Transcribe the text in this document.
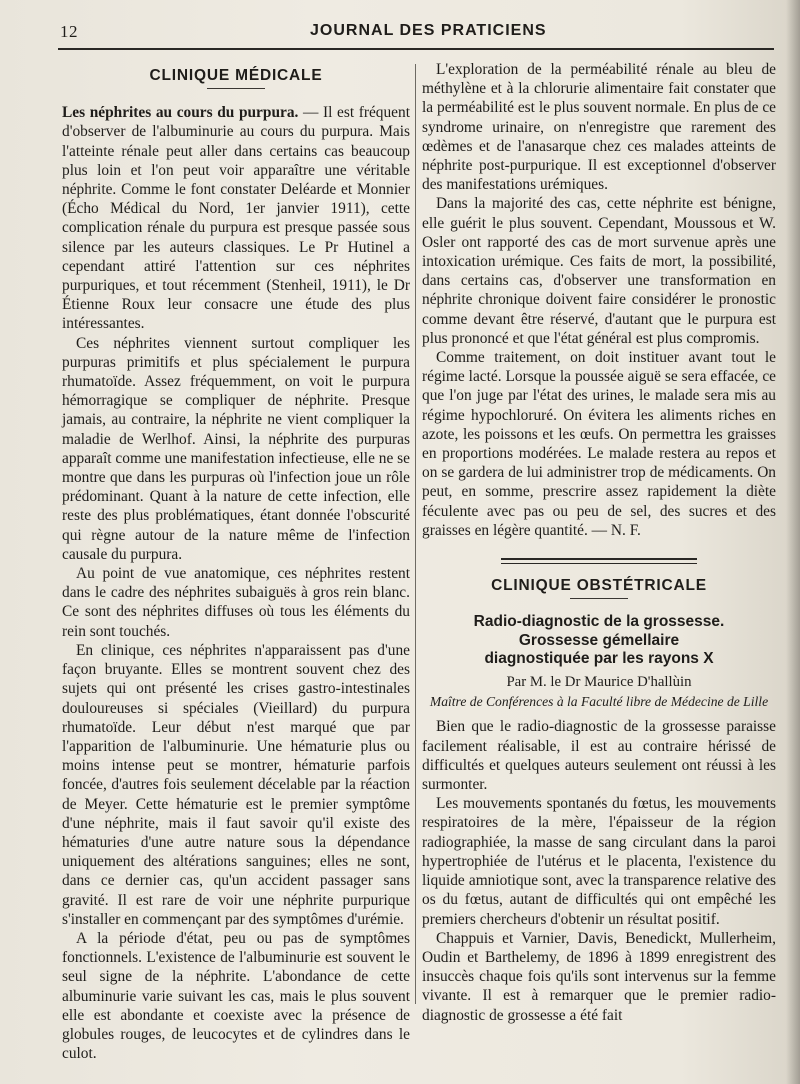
12	JOURNAL DES PRATICIENS
CLINIQUE MÉDICALE

Les néphrites au cours du purpura. — Il est fréquent d'observer de l'albuminurie au cours du purpura. Mais l'atteinte rénale peut aller dans certains cas beaucoup plus loin et l'on peut voir apparaître une véritable néphrite. Comme le font constater Deléarde et Monnier (Écho Médical du Nord, 1er janvier 1911), cette complication rénale du purpura est presque passée sous silence par les auteurs classiques. Le Pr Hutinel a cependant attiré l'attention sur ces néphrites purpuriques, et tout récemment (Stenheil, 1911), le Dr Étienne Roux leur consacre une étude des plus intéressantes.

Ces néphrites viennent surtout compliquer les purpuras primitifs et plus spécialement le purpura rhumatoïde. Assez fréquemment, on voit le purpura hémorragique se compliquer de néphrite. Presque jamais, au contraire, la néphrite ne vient compliquer la maladie de Werlhof. Ainsi, la néphrite des purpuras apparaît comme une manifestation infectieuse, elle ne se montre que dans les purpuras où l'infection joue un rôle prédominant. Quant à la nature de cette infection, elle reste des plus problématiques, étant donnée l'obscurité qui règne autour de la nature même de l'infection causale du purpura.

Au point de vue anatomique, ces néphrites restent dans le cadre des néphrites subaiguës à gros rein blanc. Ce sont des néphrites diffuses où tous les éléments du rein sont touchés.

En clinique, ces néphrites n'apparaissent pas d'une façon bruyante. Elles se montrent souvent chez des sujets qui ont présenté les crises gastro-intestinales douloureuses si spéciales (Vieillard) du purpura rhumatoïde. Leur début n'est marqué que par l'apparition de l'albuminurie. Une hématurie plus ou moins intense peut se montrer, hématurie parfois foncée, d'autres fois seulement décelable par la réaction de Meyer. Cette hématurie est le premier symptôme d'une néphrite, mais il faut savoir qu'il existe des hématuries d'une autre nature sous la dépendance uniquement des altérations sanguines; elles ne sont, dans ce dernier cas, qu'un accident passager sans gravité. Il est rare de voir une néphrite purpurique s'installer en commençant par des symptômes d'urémie.

A la période d'état, peu ou pas de symptômes fonctionnels. L'existence de l'albuminurie est souvent le seul signe de la néphrite. L'abondance de cette albuminurie varie suivant les cas, mais le plus souvent elle est abondante et coexiste avec la présence de globules rouges, de leucocytes et de cylindres dans le culot.

L'exploration de la perméabilité rénale au bleu de méthylène et à la chlorurie alimentaire fait constater que la perméabilité est le plus souvent normale. En plus de ce syndrome urinaire, on n'enregistre que rarement des œdèmes et de l'anasarque chez ces malades atteints de néphrite post-purpurique. Il est exceptionnel d'observer des manifestations urémiques.

Dans la majorité des cas, cette néphrite est bénigne, elle guérit le plus souvent. Cependant, Moussous et W. Osler ont rapporté des cas de mort survenue après une intoxication urémique. Ces faits de mort, la possibilité, dans certains cas, d'observer une transformation en néphrite chronique doivent faire considérer le pronostic comme devant être réservé, d'autant que le purpura est plus prononcé et que l'état général est plus compromis.

Comme traitement, on doit instituer avant tout le régime lacté. Lorsque la poussée aiguë se sera effacée, ce que l'on juge par l'état des urines, le malade sera mis au régime hypochloruré. On évitera les aliments riches en azote, les poissons et les œufs. On permettra les graisses en proportions modérées. Le malade restera au repos et on se gardera de lui administrer trop de médicaments. On peut, en somme, prescrire assez rapidement la diète féculente avec pas ou peu de sel, des sucres et des graisses en légère quantité. — N. F.

CLINIQUE OBSTÉTRICALE
Radio-diagnostic de la grossesse.
Grossesse gémellaire
diagnostiquée par les rayons X
Par M. le Dr Maurice D'hallùin
Maître de Conférences à la Faculté libre de Médecine de Lille

Bien que le radio-diagnostic de la grossesse paraisse facilement réalisable, il est au contraire hérissé de difficultés et quelques auteurs seulement ont réussi à les surmonter.

Les mouvements spontanés du fœtus, les mouvements respiratoires de la mère, l'épaisseur de la région radiographiée, la masse de sang circulant dans la paroi hypertrophiée de l'utérus et le placenta, l'existence du liquide amniotique sont, avec la transparence relative des os du fœtus, autant de difficultés qui ont empêché les premiers chercheurs d'obtenir un résultat positif.

Chappuis et Varnier, Davis, Benedickt, Mullerheim, Oudin et Barthelemy, de 1896 à 1899 enregistrent des insuccès chaque fois qu'ils sont intervenus sur la femme vivante. Il est à remarquer que le premier radio-diagnostic de grossesse a été fait
